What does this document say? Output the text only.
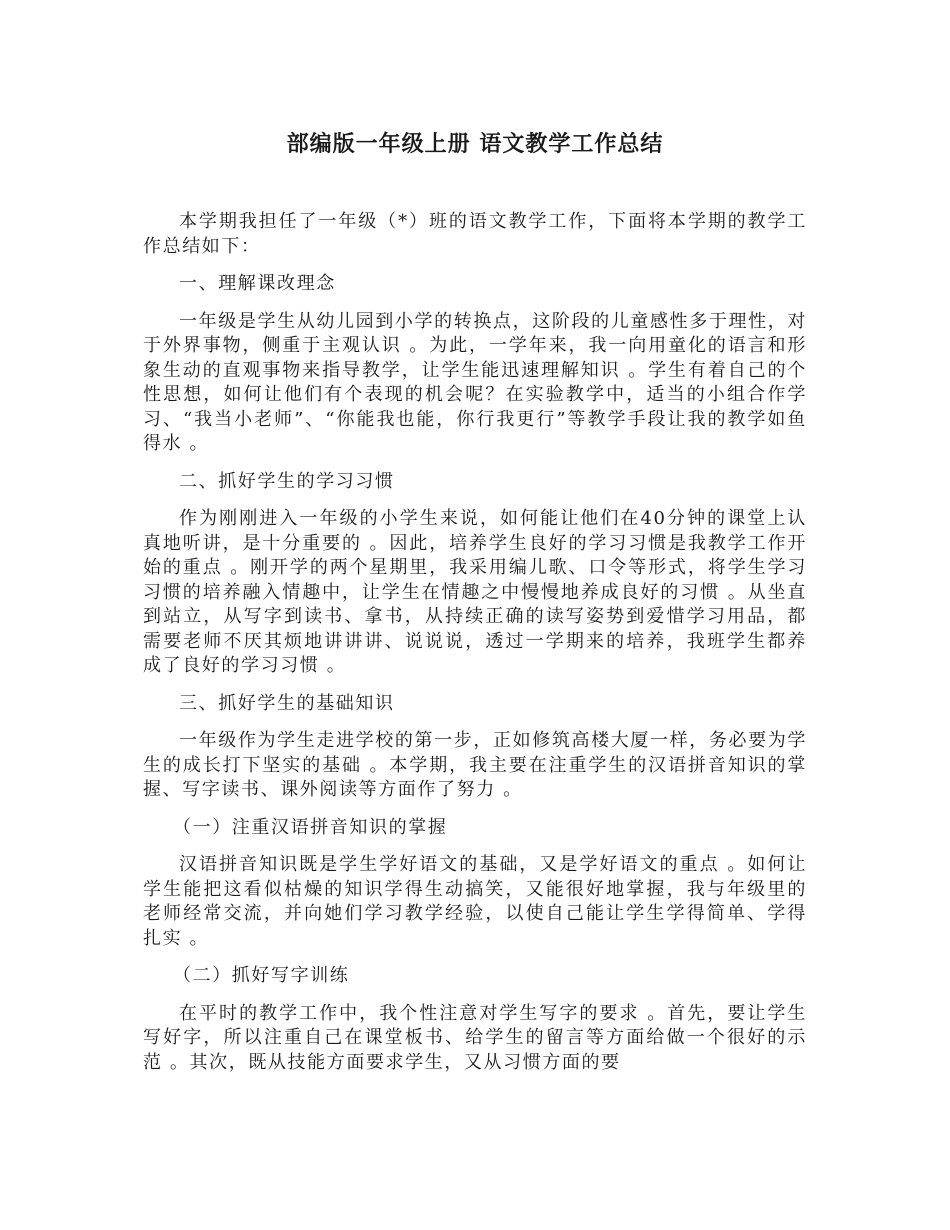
部编版一年级上册 语文教学工作总结

本学期我担任了一年级（*）班的语文教学工作，下面将本学期的教学工作总结如下：

一、理解课改理念

一年级是学生从幼儿园到小学的转换点，这阶段的儿童感性多于理性，对于外界事物，侧重于主观认识 。为此，一学年来，我一向用童化的语言和形象生动的直观事物来指导教学，让学生能迅速理解知识 。学生有着自己的个性思想，如何让他们有个表现的机会呢？在实验教学中，适当的小组合作学习、“我当小老师”、“你能我也能，你行我更行”等教学手段让我的教学如鱼得水 。

二、抓好学生的学习习惯

作为刚刚进入一年级的小学生来说，如何能让他们在40分钟的课堂上认真地听讲，是十分重要的 。因此，培养学生良好的学习习惯是我教学工作开始的重点 。刚开学的两个星期里，我采用编儿歌、口令等形式，将学生学习习惯的培养融入情趣中，让学生在情趣之中慢慢地养成良好的习惯 。从坐直到站立，从写字到读书、拿书，从持续正确的读写姿势到爱惜学习用品，都需要老师不厌其烦地讲讲讲、说说说，透过一学期来的培养，我班学生都养成了良好的学习习惯 。

三、抓好学生的基础知识

一年级作为学生走进学校的第一步，正如修筑高楼大厦一样，务必要为学生的成长打下坚实的基础 。本学期，我主要在注重学生的汉语拼音知识的掌握、写字读书、课外阅读等方面作了努力 。

（一）注重汉语拼音知识的掌握

汉语拼音知识既是学生学好语文的基础，又是学好语文的重点 。如何让学生能把这看似枯燥的知识学得生动搞笑，又能很好地掌握，我与年级里的老师经常交流，并向她们学习教学经验，以使自己能让学生学得简单、学得扎实 。

（二）抓好写字训练

在平时的教学工作中，我个性注意对学生写字的要求 。首先，要让学生写好字，所以注重自己在课堂板书、给学生的留言等方面给做一个很好的示范 。其次，既从技能方面要求学生，又从习惯方面的要
